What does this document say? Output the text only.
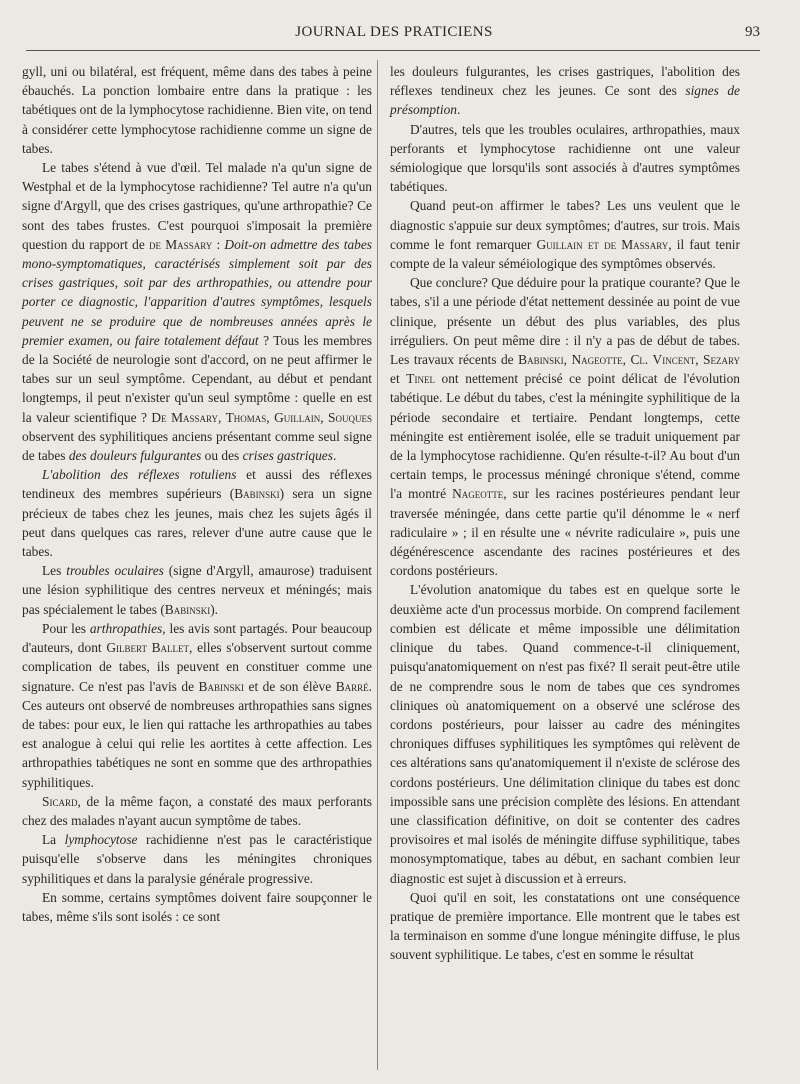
JOURNAL DES PRATICIENS	93

gyll, uni ou bilatéral, est fréquent, même dans des tabes à peine ébauchés. La ponction lombaire entre dans la pratique : les tabétiques ont de la lymphocytose rachidienne. Bien vite, on tend à considérer cette lymphocytose rachidienne comme un signe de tabes.

Le tabes s'étend à vue d'œil. Tel malade n'a qu'un signe de Westphal et de la lymphocytose rachidienne? Tel autre n'a qu'un signe d'Argyll, que des crises gastriques, qu'une arthropathie? Ce sont des tabes frustes. C'est pourquoi s'imposait la première question du rapport de de Massary : Doit-on admettre des tabes mono-symptomatiques, caractérisés simplement soit par des crises gastriques, soit par des arthropathies, ou attendre pour porter ce diagnostic, l'apparition d'autres symptômes, lesquels peuvent ne se produire que de nombreuses années après le premier examen, ou faire totalement défaut ? Tous les membres de la Société de neurologie sont d'accord, on ne peut affirmer le tabes sur un seul symptôme. Cependant, au début et pendant longtemps, il peut n'exister qu'un seul symptôme : quelle en est la valeur scientifique ? De Massary, Thomas, Guillain, Souques observent des syphilitiques anciens présentant comme seul signe de tabes des douleurs fulgurantes ou des crises gastriques.

L'abolition des réflexes rotuliens et aussi des réflexes tendineux des membres supérieurs (Babinski) sera un signe précieux de tabes chez les jeunes, mais chez les sujets âgés il peut dans quelques cas rares, relever d'une autre cause que le tabes.

Les troubles oculaires (signe d'Argyll, amaurose) traduisent une lésion syphilitique des centres nerveux et méningés; mais pas spécialement le tabes (Babinski).

Pour les arthropathies, les avis sont partagés. Pour beaucoup d'auteurs, dont Gilbert Ballet, elles s'observent surtout comme complication de tabes, ils peuvent en constituer comme une signature. Ce n'est pas l'avis de Babinski et de son élève Barré. Ces auteurs ont observé de nombreuses arthropathies sans signes de tabes: pour eux, le lien qui rattache les arthropathies au tabes est analogue à celui qui relie les aortites à cette affection. Les arthropathies tabétiques ne sont en somme que des arthropathies syphilitiques.

Sicard, de la même façon, a constaté des maux perforants chez des malades n'ayant aucun symptôme de tabes.

La lymphocytose rachidienne n'est pas le caractéristique puisqu'elle s'observe dans les méningites chroniques syphilitiques et dans la paralysie générale progressive.

En somme, certains symptômes doivent faire soupçonner le tabes, même s'ils sont isolés : ce sont

les douleurs fulgurantes, les crises gastriques, l'abolition des réflexes tendineux chez les jeunes. Ce sont des signes de présomption.

D'autres, tels que les troubles oculaires, arthropathies, maux perforants et lymphocytose rachidienne ont une valeur sémiologique que lorsqu'ils sont associés à d'autres symptômes tabétiques.

Quand peut-on affirmer le tabes? Les uns veulent que le diagnostic s'appuie sur deux symptômes; d'autres, sur trois. Mais comme le font remarquer Guillain et de Massary, il faut tenir compte de la valeur séméiologique des symptômes observés.

Que conclure? Que déduire pour la pratique courante? Que le tabes, s'il a une période d'état nettement dessinée au point de vue clinique, présente un début des plus variables, des plus irréguliers. On peut même dire : il n'y a pas de début de tabes. Les travaux récents de Babinski, Nageotte, Cl. Vincent, Sezary et Tinel ont nettement précisé ce point délicat de l'évolution tabétique. Le début du tabes, c'est la méningite syphilitique de la période secondaire et tertiaire. Pendant longtemps, cette méningite est entièrement isolée, elle se traduit uniquement par de la lymphocytose rachidienne. Qu'en résulte-t-il? Au bout d'un certain temps, le processus méningé chronique s'étend, comme l'a montré Nageotte, sur les racines postérieures pendant leur traversée méningée, dans cette partie qu'il dénomme le « nerf radiculaire » ; il en résulte une « névrite radiculaire », puis une dégénérescence ascendante des racines postérieures et des cordons postérieurs.

L'évolution anatomique du tabes est en quelque sorte le deuxième acte d'un processus morbide. On comprend facilement combien est délicate et même impossible une délimitation clinique du tabes. Quand commence-t-il cliniquement, puisqu'anatomiquement on n'est pas fixé? Il serait peut-être utile de ne comprendre sous le nom de tabes que ces syndromes cliniques où anatomiquement on a observé une sclérose des cordons postérieurs, pour laisser au cadre des méningites chroniques diffuses syphilitiques les symptômes qui relèvent de ces altérations sans qu'anatomiquement il n'existe de sclérose des cordons postérieurs. Une délimitation clinique du tabes est donc impossible sans une précision complète des lésions. En attendant une classification définitive, on doit se contenter des cadres provisoires et mal isolés de méningite diffuse syphilitique, tabes monosymptomatique, tabes au début, en sachant combien leur diagnostic est sujet à discussion et à erreurs.

Quoi qu'il en soit, les constatations ont une conséquence pratique de première importance. Elle montrent que le tabes est la terminaison en somme d'une longue méningite diffuse, le plus souvent syphilitique. Le tabes, c'est en somme le résultat
